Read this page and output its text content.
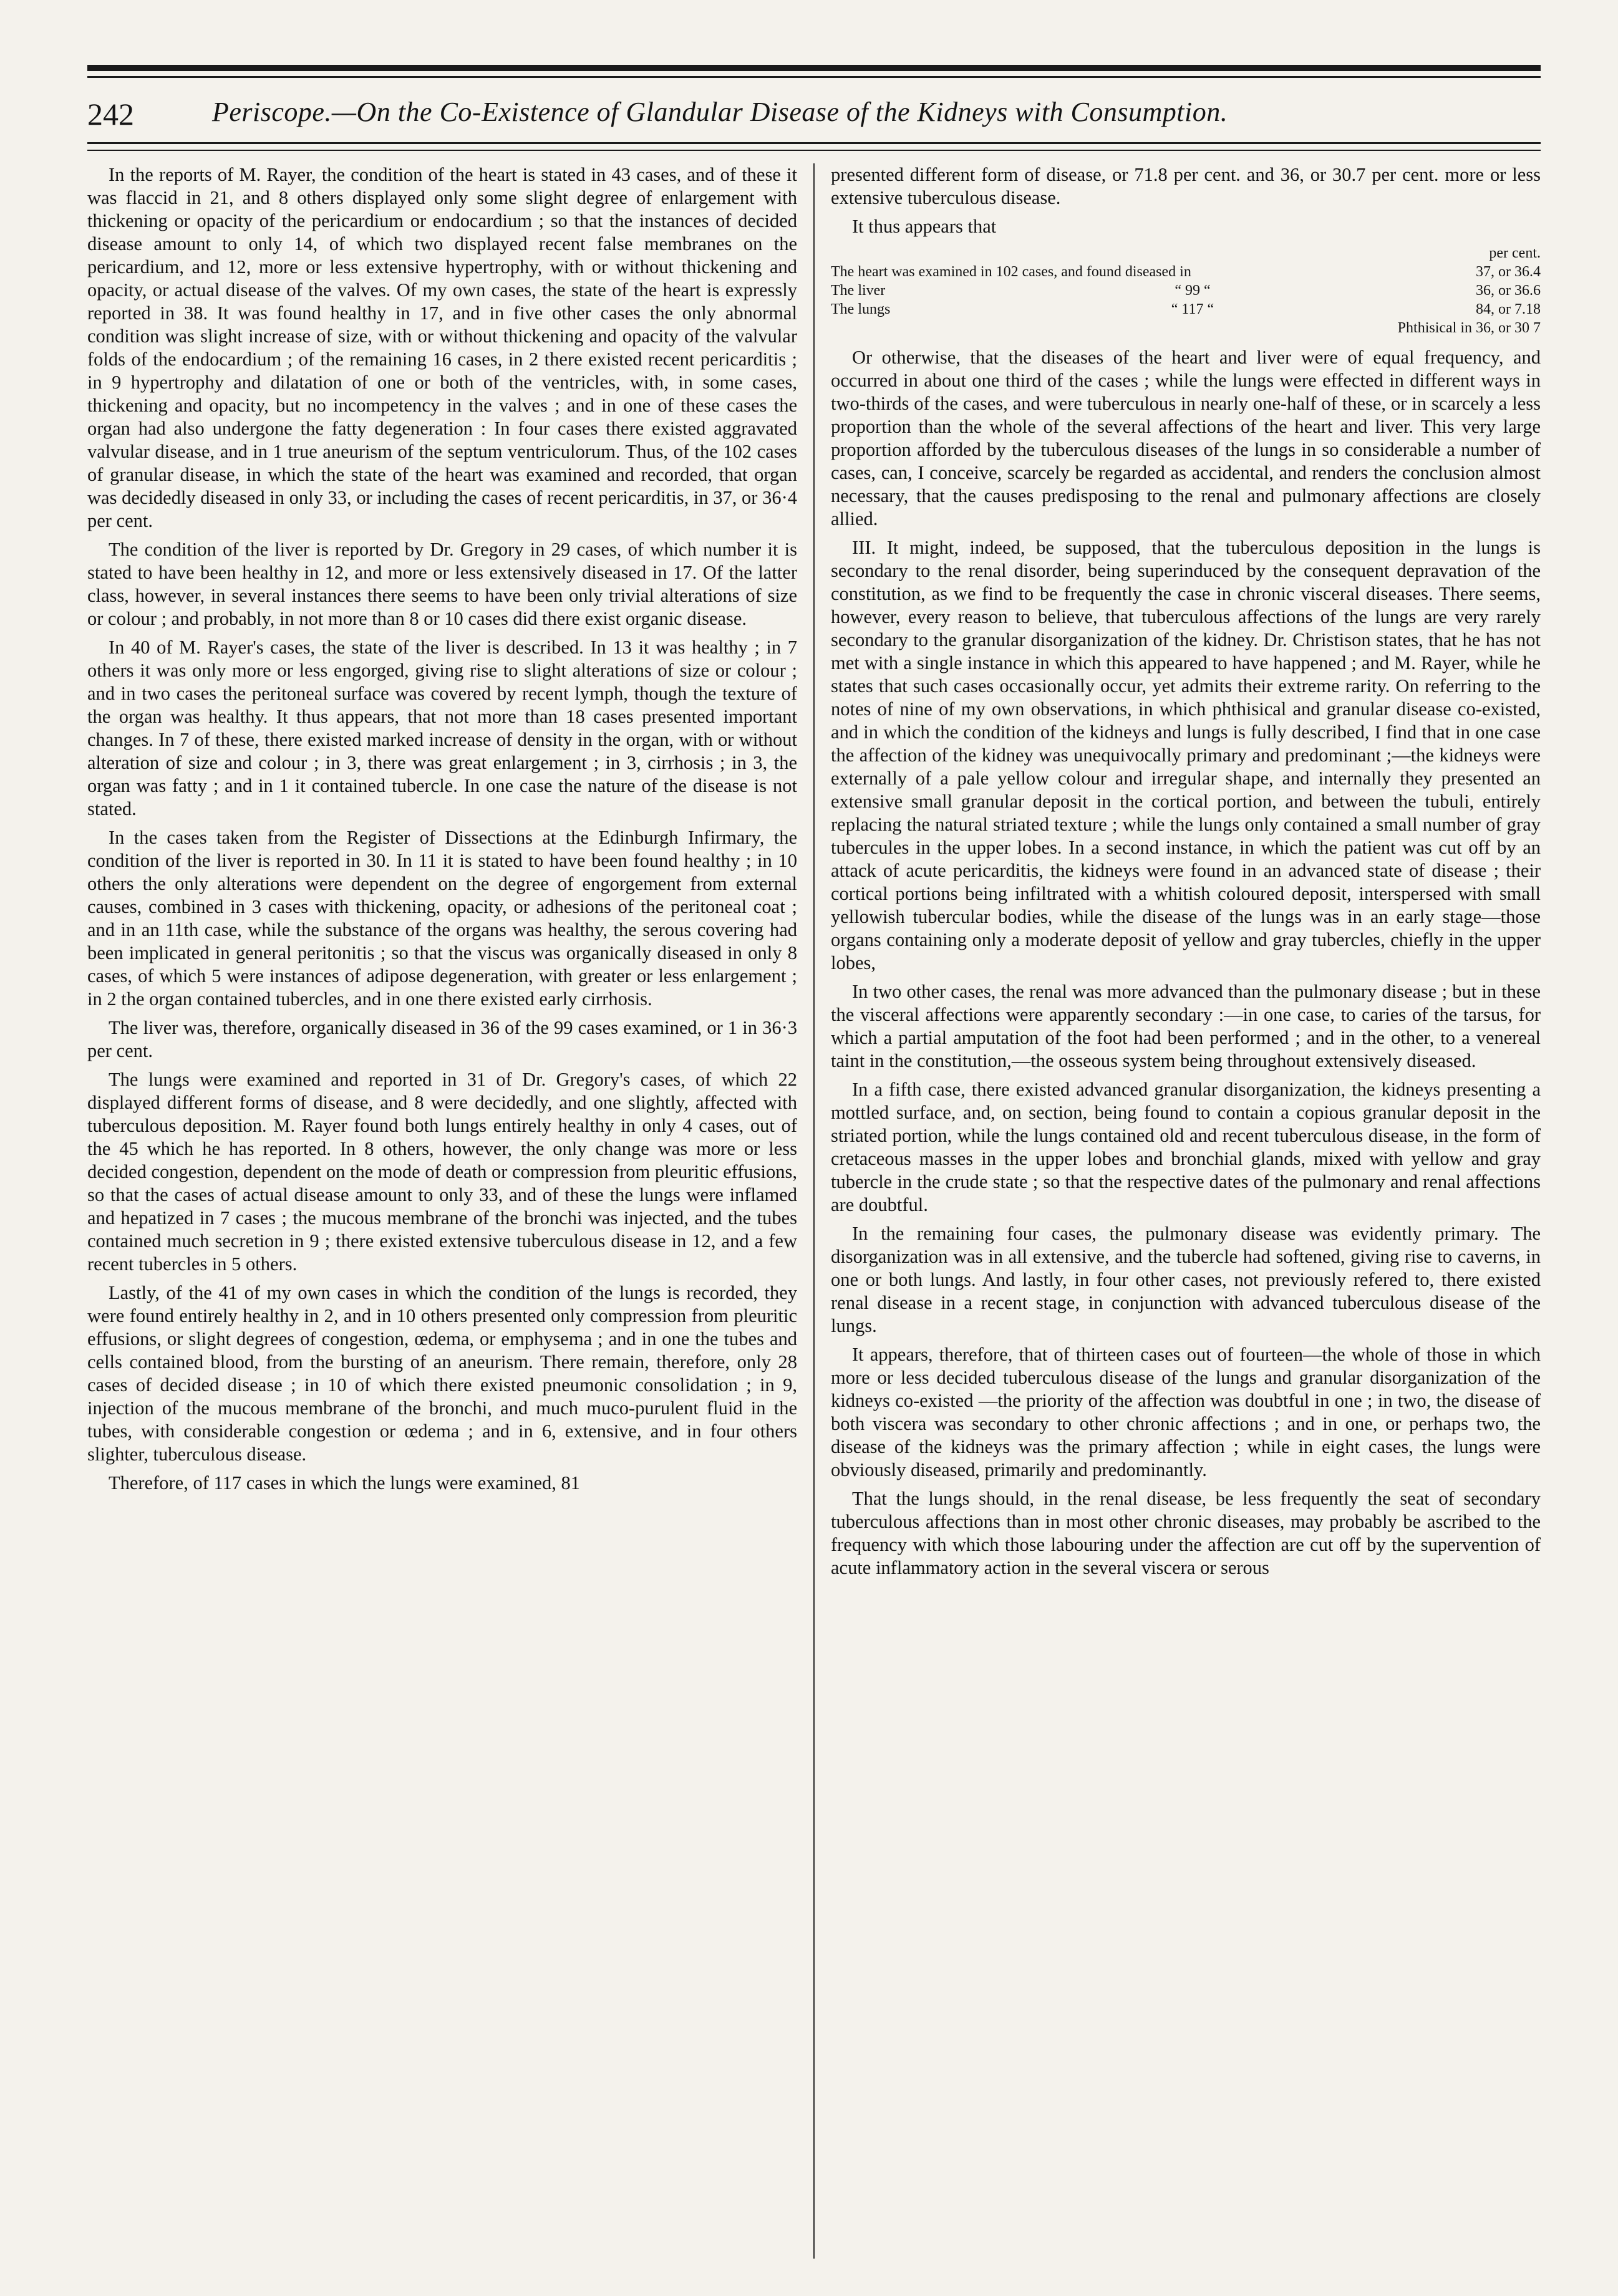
242	Periscope.—On the Co-Existence of Glandular Disease of the Kidneys with Consumption.

In the reports of M. Rayer, the condition of the heart is stated in 43 cases, and of these it was flaccid in 21, and 8 others displayed only some slight degree of enlargement with thickening or opacity of the pericardium or endocardium ; so that the instances of decided disease amount to only 14, of which two displayed recent false membranes on the pericardium, and 12, more or less extensive hypertrophy, with or without thickening and opacity, or actual disease of the valves. Of my own cases, the state of the heart is expressly reported in 38. It was found healthy in 17, and in five other cases the only abnormal condition was slight increase of size, with or without thickening and opacity of the valvular folds of the endocardium ; of the remaining 16 cases, in 2 there existed recent pericarditis ; in 9 hypertrophy and dilatation of one or both of the ventricles, with, in some cases, thickening and opacity, but no incompetency in the valves ; and in one of these cases the organ had also undergone the fatty degeneration : In four cases there existed aggravated valvular disease, and in 1 true aneurism of the septum ventriculorum. Thus, of the 102 cases of granular disease, in which the state of the heart was examined and recorded, that organ was decidedly diseased in only 33, or including the cases of recent pericarditis, in 37, or 36·4 per cent.

The condition of the liver is reported by Dr. Gregory in 29 cases, of which number it is stated to have been healthy in 12, and more or less extensively diseased in 17. Of the latter class, however, in several instances there seems to have been only trivial alterations of size or colour ; and probably, in not more than 8 or 10 cases did there exist organic disease.

In 40 of M. Rayer's cases, the state of the liver is described. In 13 it was healthy ; in 7 others it was only more or less engorged, giving rise to slight alterations of size or colour ; and in two cases the peritoneal surface was covered by recent lymph, though the texture of the organ was healthy. It thus appears, that not more than 18 cases presented important changes. In 7 of these, there existed marked increase of density in the organ, with or without alteration of size and colour ; in 3, there was great enlargement ; in 3, cirrhosis ; in 3, the organ was fatty ; and in 1 it contained tubercle. In one case the nature of the disease is not stated.

In the cases taken from the Register of Dissections at the Edinburgh Infirmary, the condition of the liver is reported in 30. In 11 it is stated to have been found healthy ; in 10 others the only alterations were dependent on the degree of engorgement from external causes, combined in 3 cases with thickening, opacity, or adhesions of the peritoneal coat ; and in an 11th case, while the substance of the organs was healthy, the serous covering had been implicated in general peritonitis ; so that the viscus was organically diseased in only 8 cases, of which 5 were instances of adipose degeneration, with greater or less enlargement ; in 2 the organ contained tubercles, and in one there existed early cirrhosis.

The liver was, therefore, organically diseased in 36 of the 99 cases examined, or 1 in 36·3 per cent.

The lungs were examined and reported in 31 of Dr. Gregory's cases, of which 22 displayed different forms of disease, and 8 were decidedly, and one slightly, affected with tuberculous deposition. M. Rayer found both lungs entirely healthy in only 4 cases, out of the 45 which he has reported. In 8 others, however, the only change was more or less decided congestion, dependent on the mode of death or compression from pleuritic effusions, so that the cases of actual disease amount to only 33, and of these the lungs were inflamed and hepatized in 7 cases ; the mucous membrane of the bronchi was injected, and the tubes contained much secretion in 9 ; there existed extensive tuberculous disease in 12, and a few recent tubercles in 5 others.

Lastly, of the 41 of my own cases in which the condition of the lungs is recorded, they were found entirely healthy in 2, and in 10 others presented only compression from pleuritic effusions, or slight degrees of congestion, œdema, or emphysema ; and in one the tubes and cells contained blood, from the bursting of an aneurism. There remain, therefore, only 28 cases of decided disease ; in 10 of which there existed pneumonic consolidation ; in 9, injection of the mucous membrane of the bronchi, and much muco-purulent fluid in the tubes, with considerable congestion or œdema ; and in 6, extensive, and in four others slighter, tuberculous disease.

Therefore, of 117 cases in which the lungs were examined, 81

presented different form of disease, or 71.8 per cent. and 36, or 30.7 per cent. more or less extensive tuberculous disease.

It thus appears that

per cent.
The heart was examined in 102 cases, and found diseased in	37, or 36.4
The liver	“ 99 “	36, or 36.6
The lungs	“ 117 “	84, or 7.18
Phthisical in 36, or 30 7

Or otherwise, that the diseases of the heart and liver were of equal frequency, and occurred in about one third of the cases ; while the lungs were effected in different ways in two-thirds of the cases, and were tuberculous in nearly one-half of these, or in scarcely a less proportion than the whole of the several affections of the heart and liver. This very large proportion afforded by the tuberculous diseases of the lungs in so considerable a number of cases, can, I conceive, scarcely be regarded as accidental, and renders the conclusion almost necessary, that the causes predisposing to the renal and pulmonary affections are closely allied.

III. It might, indeed, be supposed, that the tuberculous deposition in the lungs is secondary to the renal disorder, being superinduced by the consequent depravation of the constitution, as we find to be frequently the case in chronic visceral diseases. There seems, however, every reason to believe, that tuberculous affections of the lungs are very rarely secondary to the granular disorganization of the kidney. Dr. Christison states, that he has not met with a single instance in which this appeared to have happened ; and M. Rayer, while he states that such cases occasionally occur, yet admits their extreme rarity. On referring to the notes of nine of my own observations, in which phthisical and granular disease co-existed, and in which the condition of the kidneys and lungs is fully described, I find that in one case the affection of the kidney was unequivocally primary and predominant ;—the kidneys were externally of a pale yellow colour and irregular shape, and internally they presented an extensive small granular deposit in the cortical portion, and between the tubuli, entirely replacing the natural striated texture ; while the lungs only contained a small number of gray tubercules in the upper lobes. In a second instance, in which the patient was cut off by an attack of acute pericarditis, the kidneys were found in an advanced state of disease ; their cortical portions being infiltrated with a whitish coloured deposit, interspersed with small yellowish tubercular bodies, while the disease of the lungs was in an early stage—those organs containing only a moderate deposit of yellow and gray tubercles, chiefly in the upper lobes,

In two other cases, the renal was more advanced than the pulmonary disease ; but in these the visceral affections were apparently secondary :—in one case, to caries of the tarsus, for which a partial amputation of the foot had been performed ; and in the other, to a venereal taint in the constitution,—the osseous system being throughout extensively diseased.

In a fifth case, there existed advanced granular disorganization, the kidneys presenting a mottled surface, and, on section, being found to contain a copious granular deposit in the striated portion, while the lungs contained old and recent tuberculous disease, in the form of cretaceous masses in the upper lobes and bronchial glands, mixed with yellow and gray tubercle in the crude state ; so that the respective dates of the pulmonary and renal affections are doubtful.

In the remaining four cases, the pulmonary disease was evidently primary. The disorganization was in all extensive, and the tubercle had softened, giving rise to caverns, in one or both lungs. And lastly, in four other cases, not previously refered to, there existed renal disease in a recent stage, in conjunction with advanced tuberculous disease of the lungs.

It appears, therefore, that of thirteen cases out of fourteen—the whole of those in which more or less decided tuberculous disease of the lungs and granular disorganization of the kidneys co-existed —the priority of the affection was doubtful in one ; in two, the disease of both viscera was secondary to other chronic affections ; and in one, or perhaps two, the disease of the kidneys was the primary affection ; while in eight cases, the lungs were obviously diseased, primarily and predominantly.

That the lungs should, in the renal disease, be less frequently the seat of secondary tuberculous affections than in most other chronic diseases, may probably be ascribed to the frequency with which those labouring under the affection are cut off by the supervention of acute inflammatory action in the several viscera or serous
